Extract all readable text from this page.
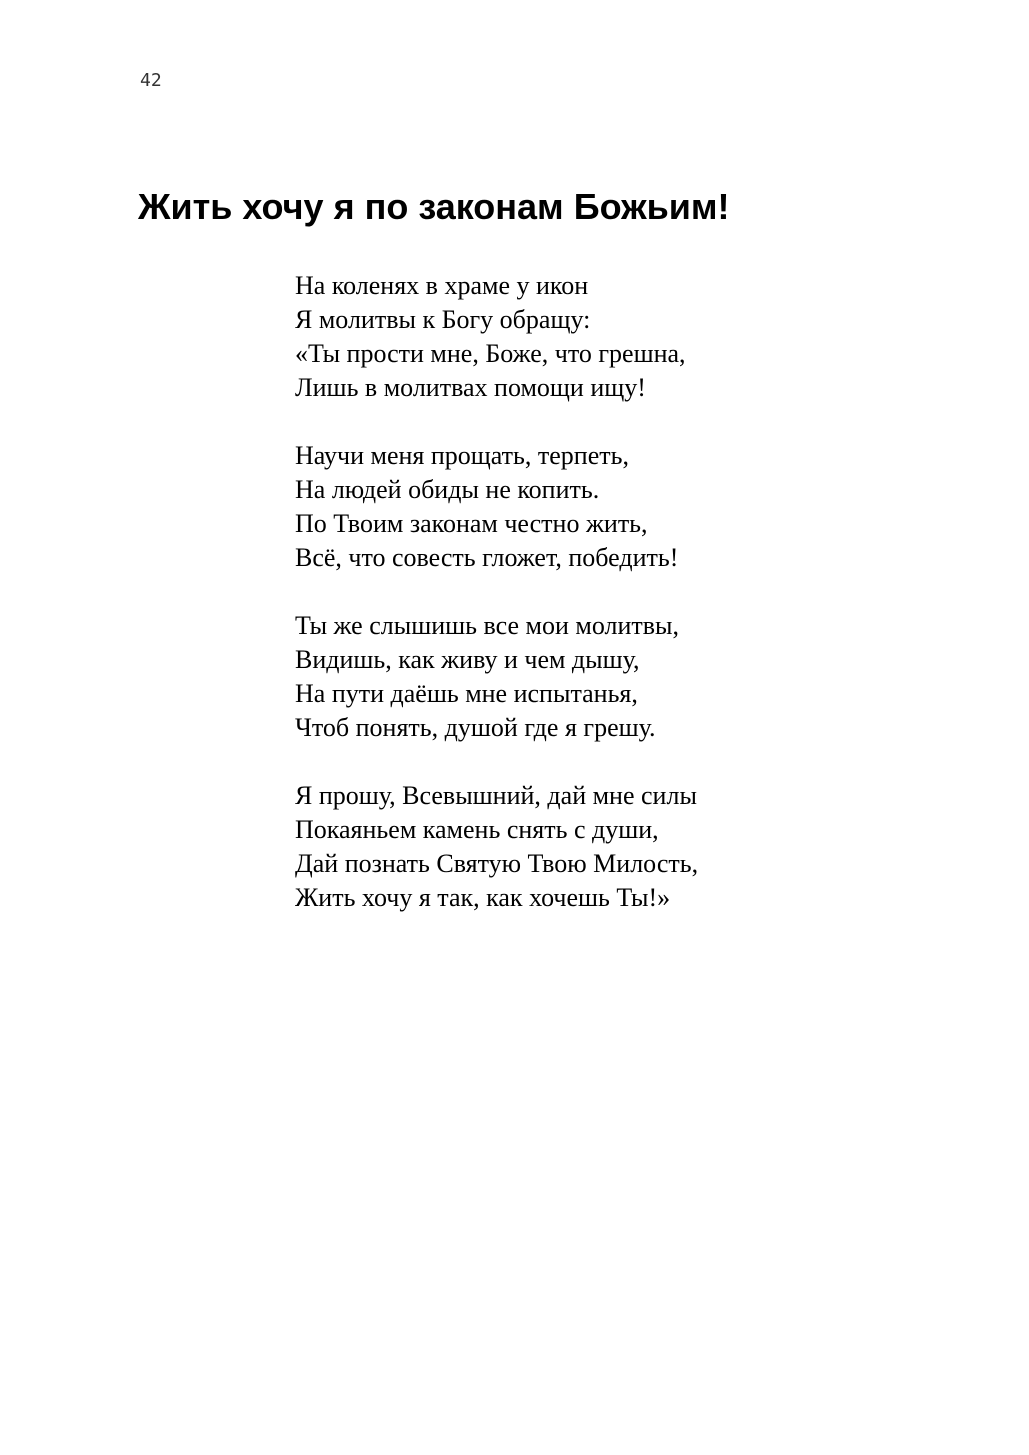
42
Жить хочу я по законам Божьим!
На коленях в храме у икон
Я молитвы к Богу обращу:
«Ты прости мне, Боже, что грешна,
Лишь в молитвах помощи ищу!
Научи меня прощать, терпеть,
На людей обиды не копить.
По Твоим законам честно жить,
Всё, что совесть гложет, победить!
Ты же слышишь все мои молитвы,
Видишь, как живу и чем дышу,
На пути даёшь мне испытанья,
Чтоб понять, душой где я грешу.
Я прошу, Всевышний, дай мне силы
Покаяньем камень снять с души,
Дай познать Святую Твою Милость,
Жить хочу я так, как хочешь Ты!»
